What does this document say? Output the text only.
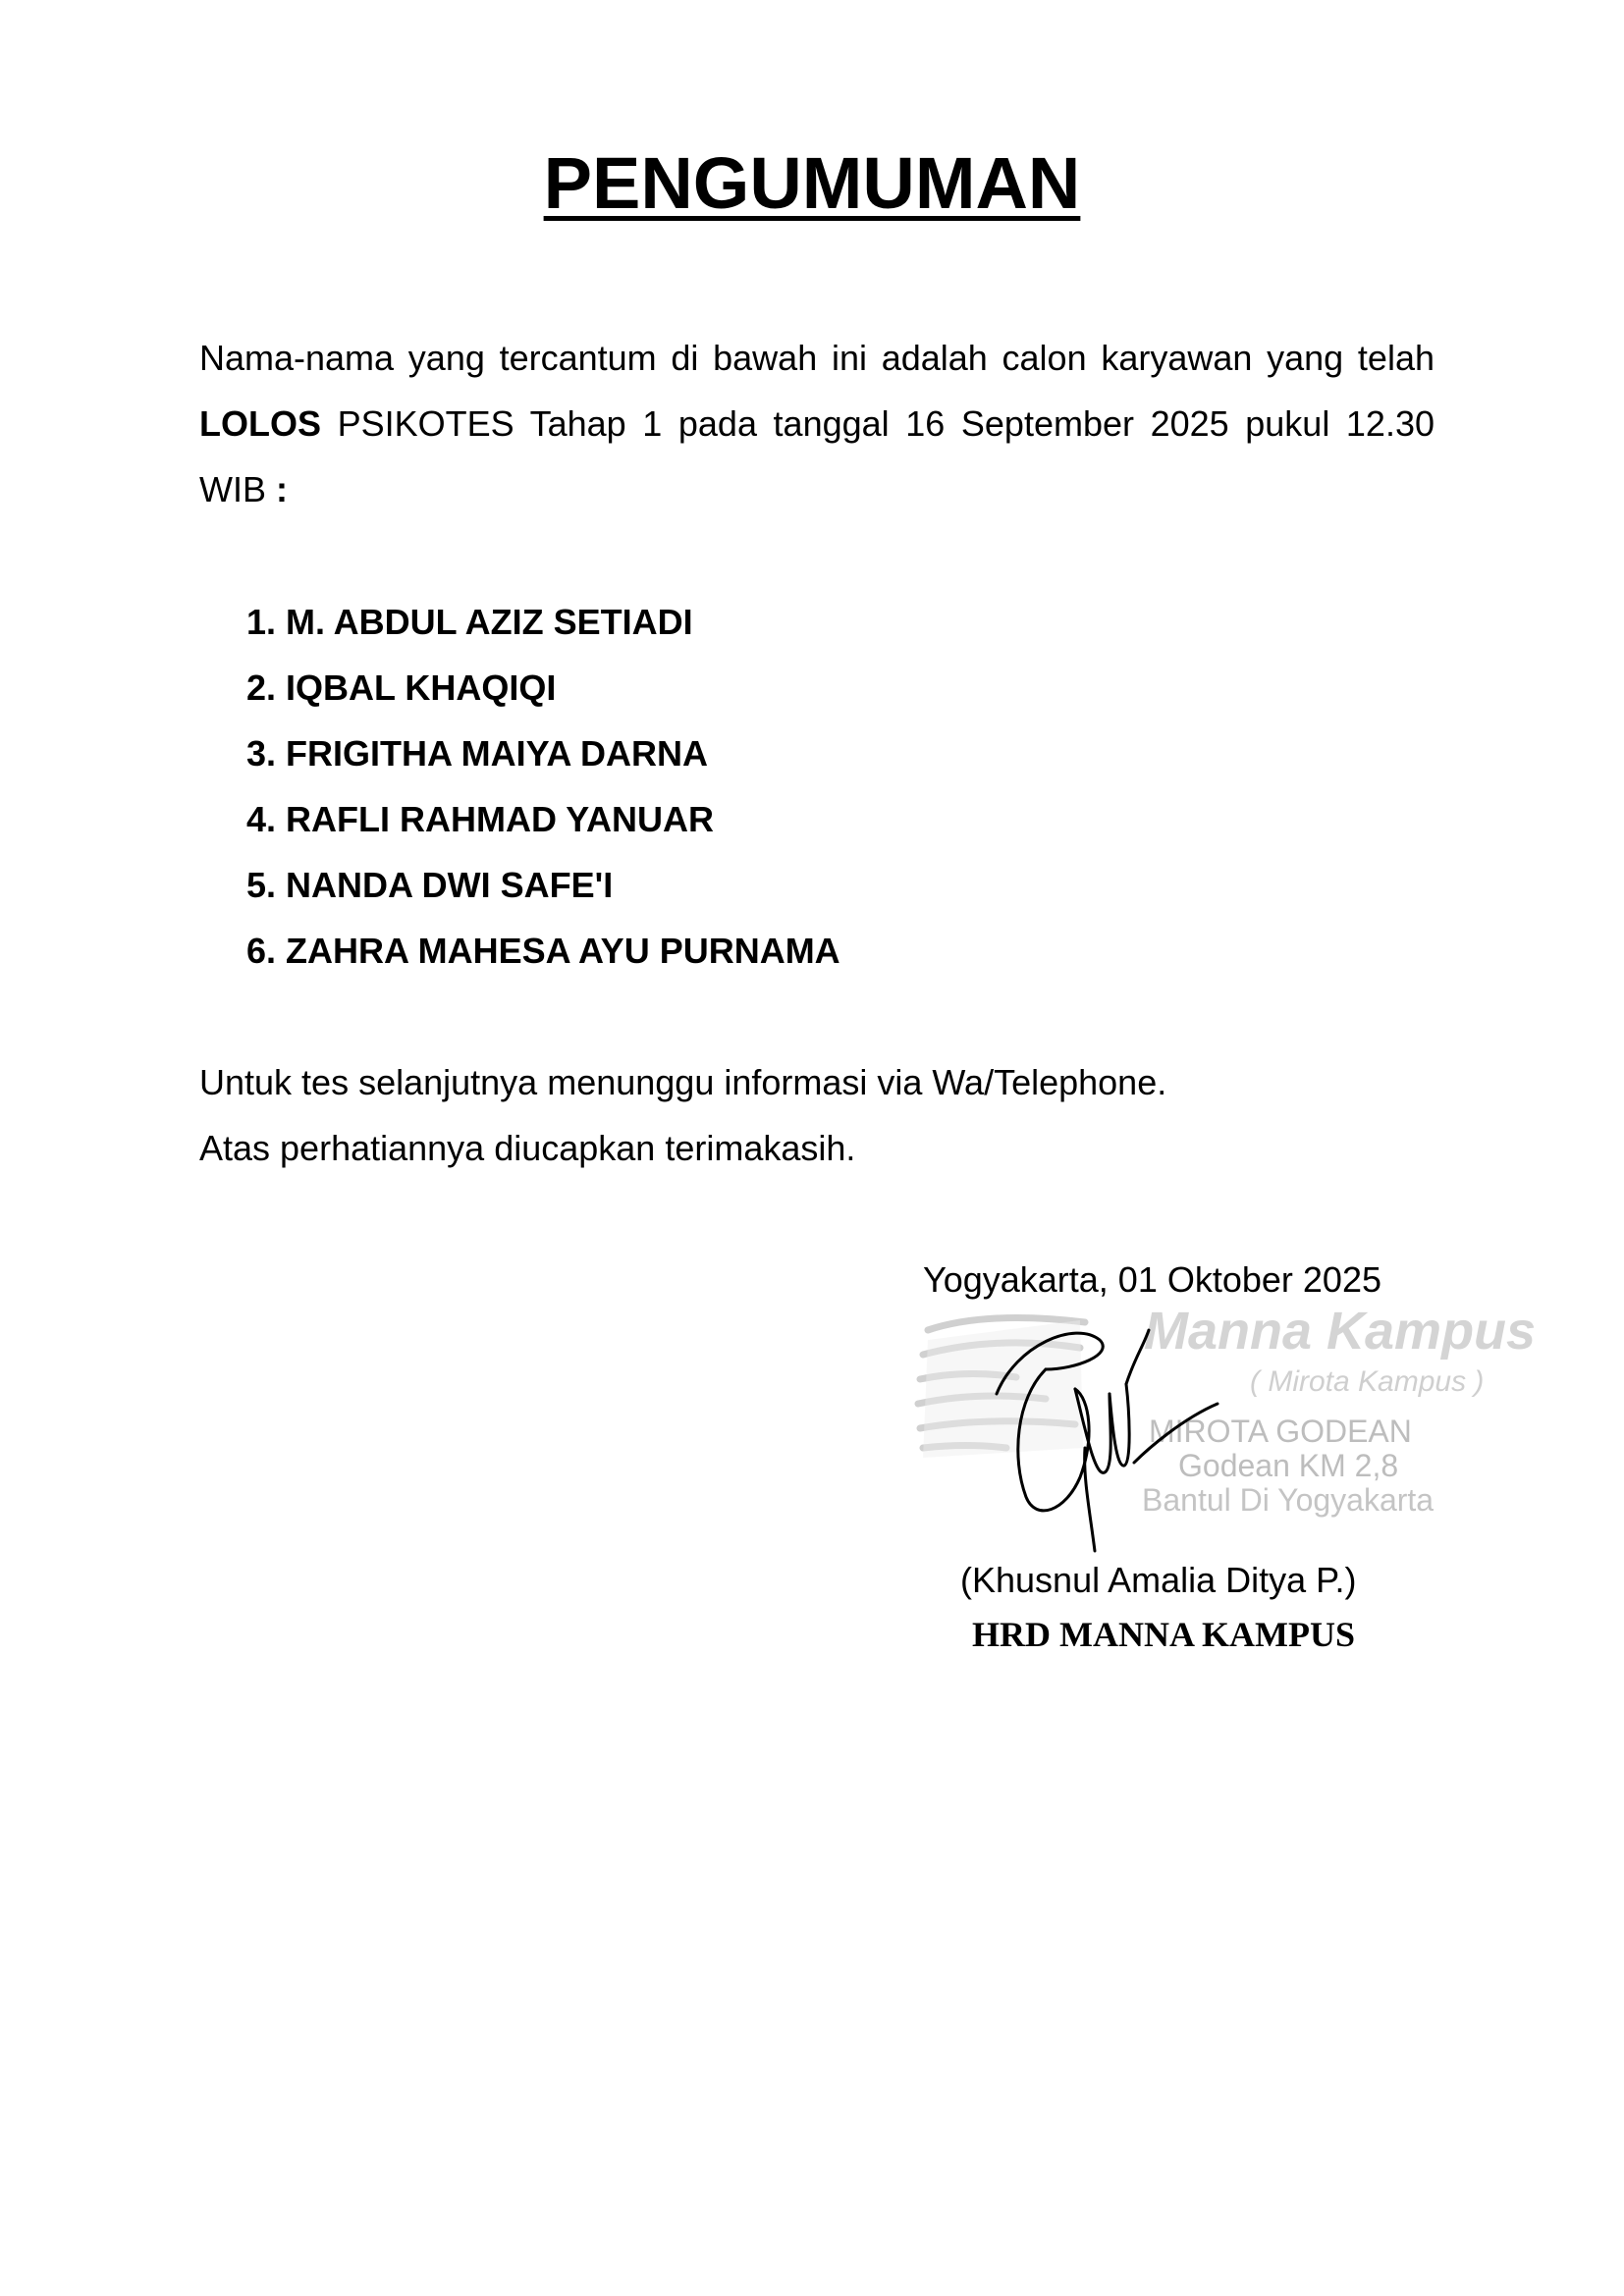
PENGUMUMAN
Nama-nama yang tercantum di bawah ini adalah calon karyawan yang telah LOLOS PSIKOTES Tahap 1 pada tanggal 16 September 2025 pukul 12.30 WIB :
1. M. ABDUL AZIZ SETIADI
2. IQBAL KHAQIQI
3. FRIGITHA MAIYA DARNA
4. RAFLI RAHMAD YANUAR
5. NANDA DWI SAFE'I
6. ZAHRA MAHESA AYU PURNAMA
Untuk tes selanjutnya menunggu informasi via Wa/Telephone.
Atas perhatiannya diucapkan terimakasih.
Yogyakarta, 01 Oktober 2025
Manna Kampus
( Mirota Kampus )
MIROTA GODEAN
Godean KM 2,8
Bantul Di Yogyakarta
(Khusnul Amalia Ditya P.)
HRD MANNA KAMPUS
